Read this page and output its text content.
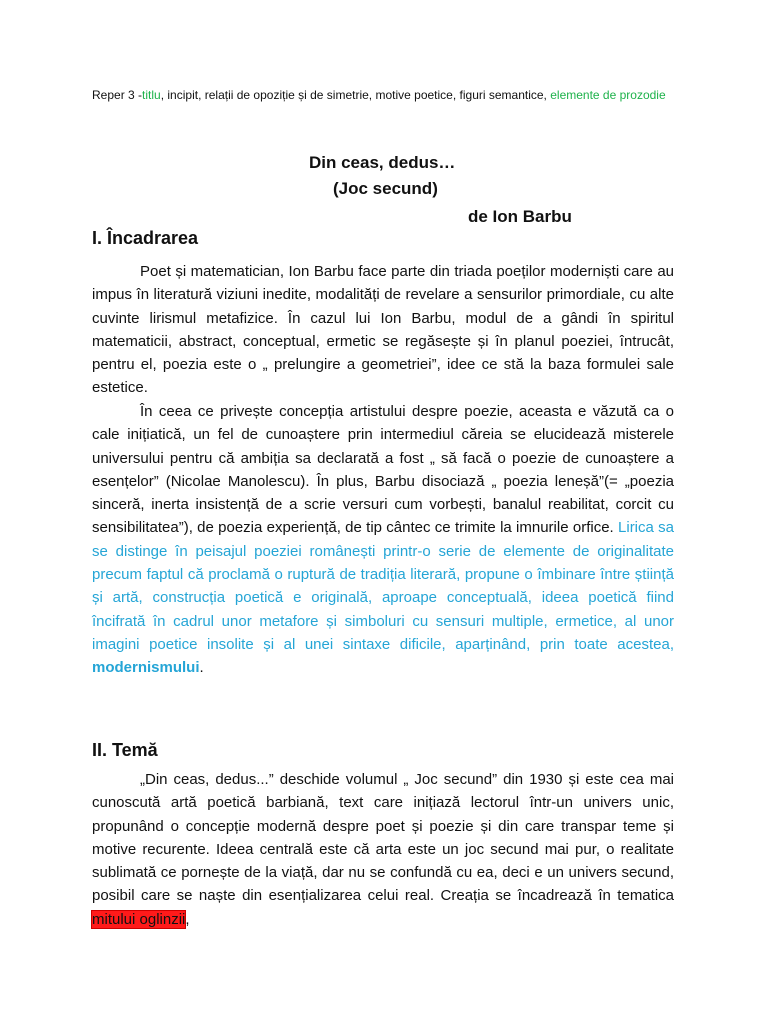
Reper 3 -titlu, incipit, relații de opoziție și de simetrie, motive poetice, figuri semantice, elemente de prozodie
Din ceas, dedus…
(Joc secund)
de Ion Barbu
I. Încadrarea

Poet și matematician, Ion Barbu face parte din triada poeților moderniști care au impus în literatură viziuni inedite, modalități de revelare a sensurilor primordiale, cu alte cuvinte lirismul metafizice. În cazul lui Ion Barbu, modul de a gândi în spiritul matematicii, abstract, conceptual, ermetic se regăsește și în planul poeziei, întrucât, pentru el, poezia este o „ prelungire a geometriei”, idee ce stă la baza formulei sale estetice.

În ceea ce privește concepția artistului despre poezie, aceasta e văzută ca o cale inițiatică, un fel de cunoaștere prin intermediul căreia se elucidează misterele universului pentru că ambiția sa declarată a fost „ să facă o poezie de cunoaștere a esențelor” (Nicolae Manolescu). În plus, Barbu disociază „ poezia leneșă”(= „poezia sinceră, inerta insistență de a scrie versuri cum vorbești, banalul reabilitat, corcit cu sensibilitatea”), de poezia experiență, de tip cântec ce trimite la imnurile orfice. Lirica sa se distinge în peisajul poeziei românești printr-o serie de elemente de originalitate precum faptul că proclamă o ruptură de tradiția literară, propune o îmbinare între știință și artă, construcția poetică e originală, aproape conceptuală, ideea poetică fiind încifrată în cadrul unor metafore și simboluri cu sensuri multiple, ermetice, al unor imagini poetice insolite și al unei sintaxe dificile, aparținând, prin toate acestea, modernismului.

II. Temă

„Din ceas, dedus...” deschide volumul „ Joc secund” din 1930 și este cea mai cunoscută artă poetică barbiană, text care inițiază lectorul într-un univers unic, propunând o concepție modernă despre poet și poezie și din care transpar teme și motive recurente. Ideea centrală este că arta este un joc secund mai pur, o realitate sublimată ce pornește de la viață, dar nu se confundă cu ea, deci e un univers secund, posibil care se naște din esențializarea celui real. Creația se încadrează în tematica mitului oglinzii,
